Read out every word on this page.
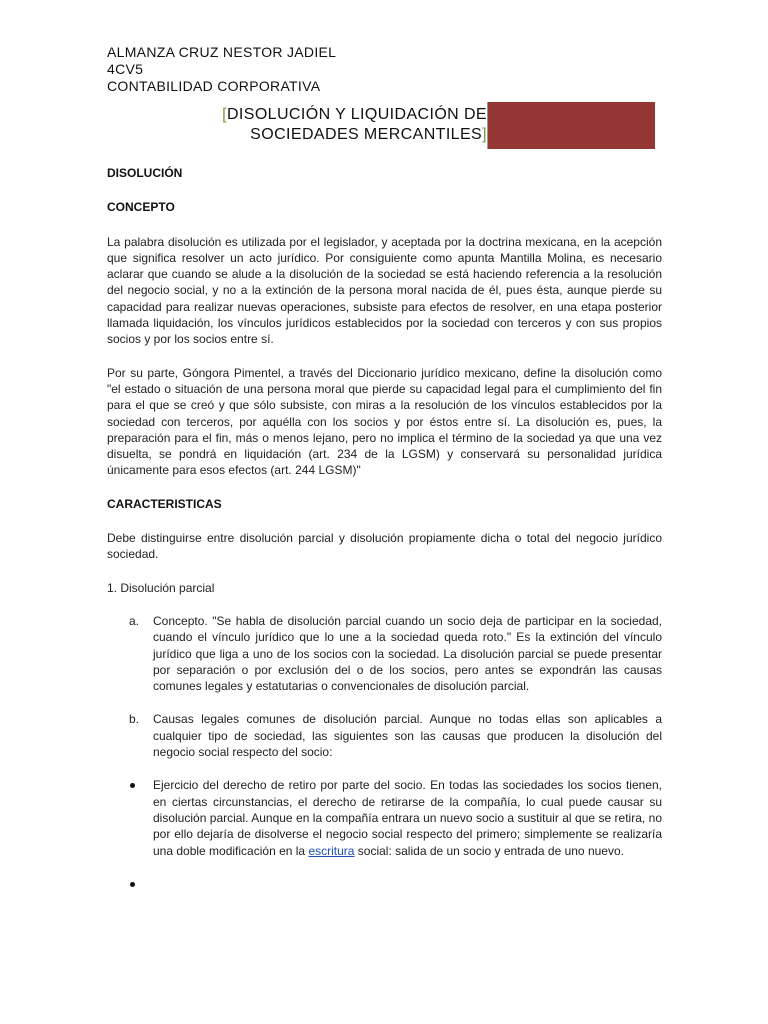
ALMANZA CRUZ NESTOR JADIEL
4CV5
CONTABILIDAD CORPORATIVA
[DISOLUCIÓN Y LIQUIDACIÓN DE
SOCIEDADES MERCANTILES]

DISOLUCIÓN

CONCEPTO

La palabra disolución es utilizada por el legislador, y aceptada por la doctrina mexicana, en la acepción que significa resolver un acto jurídico. Por consiguiente como apunta Mantilla Molina, es necesario aclarar que cuando se alude a la disolución de la sociedad se está haciendo referencia a la resolución del negocio social, y no a la extinción de la persona moral nacida de él, pues ésta, aunque pierde su capacidad para realizar nuevas operaciones, subsiste para efectos de resolver, en una etapa posterior llamada liquidación, los vínculos jurídicos establecidos por la sociedad con terceros y con sus propios socios y por los socios entre sí.

Por su parte, Góngora Pimentel, a través del Diccionario jurídico mexicano, define la disolución como "el estado o situación de una persona moral que pierde su capacidad legal para el cumplimiento del fin para el que se creó y que sólo subsiste, con miras a la resolución de los vínculos establecidos por la sociedad con terceros, por aquélla con los socios y por éstos entre sí. La disolución es, pues, la preparación para el fin, más o menos lejano, pero no implica el término de la sociedad ya que una vez disuelta, se pondrá en liquidación (art. 234 de la LGSM) y conservará su personalidad jurídica únicamente para esos efectos (art. 244 LGSM)"

CARACTERISTICAS

Debe distinguirse entre disolución parcial y disolución propiamente dicha o total del negocio jurídico sociedad.

1. Disolución parcial

a. Concepto. "Se habla de disolución parcial cuando un socio deja de participar en la sociedad, cuando el vínculo jurídico que lo une a la sociedad queda roto." Es la extinción del vínculo jurídico que liga a uno de los socios con la sociedad. La disolución parcial se puede presentar por separación o por exclusión del o de los socios, pero antes se expondrán las causas comunes legales y estatutarias o convencionales de disolución parcial.
b. Causas legales comunes de disolución parcial. Aunque no todas ellas son aplicables a cualquier tipo de sociedad, las siguientes son las causas que producen la disolución del negocio social respecto del socio:
Ejercicio del derecho de retiro por parte del socio. En todas las sociedades los socios tienen, en ciertas circunstancias, el derecho de retirarse de la compañía, lo cual puede causar su disolución parcial. Aunque en la compañía entrara un nuevo socio a sustituir al que se retira, no por ello dejaría de disolverse el negocio social respecto del primero; simplemente se realizaría una doble modificación en la escritura social: salida de un socio y entrada de uno nuevo.
